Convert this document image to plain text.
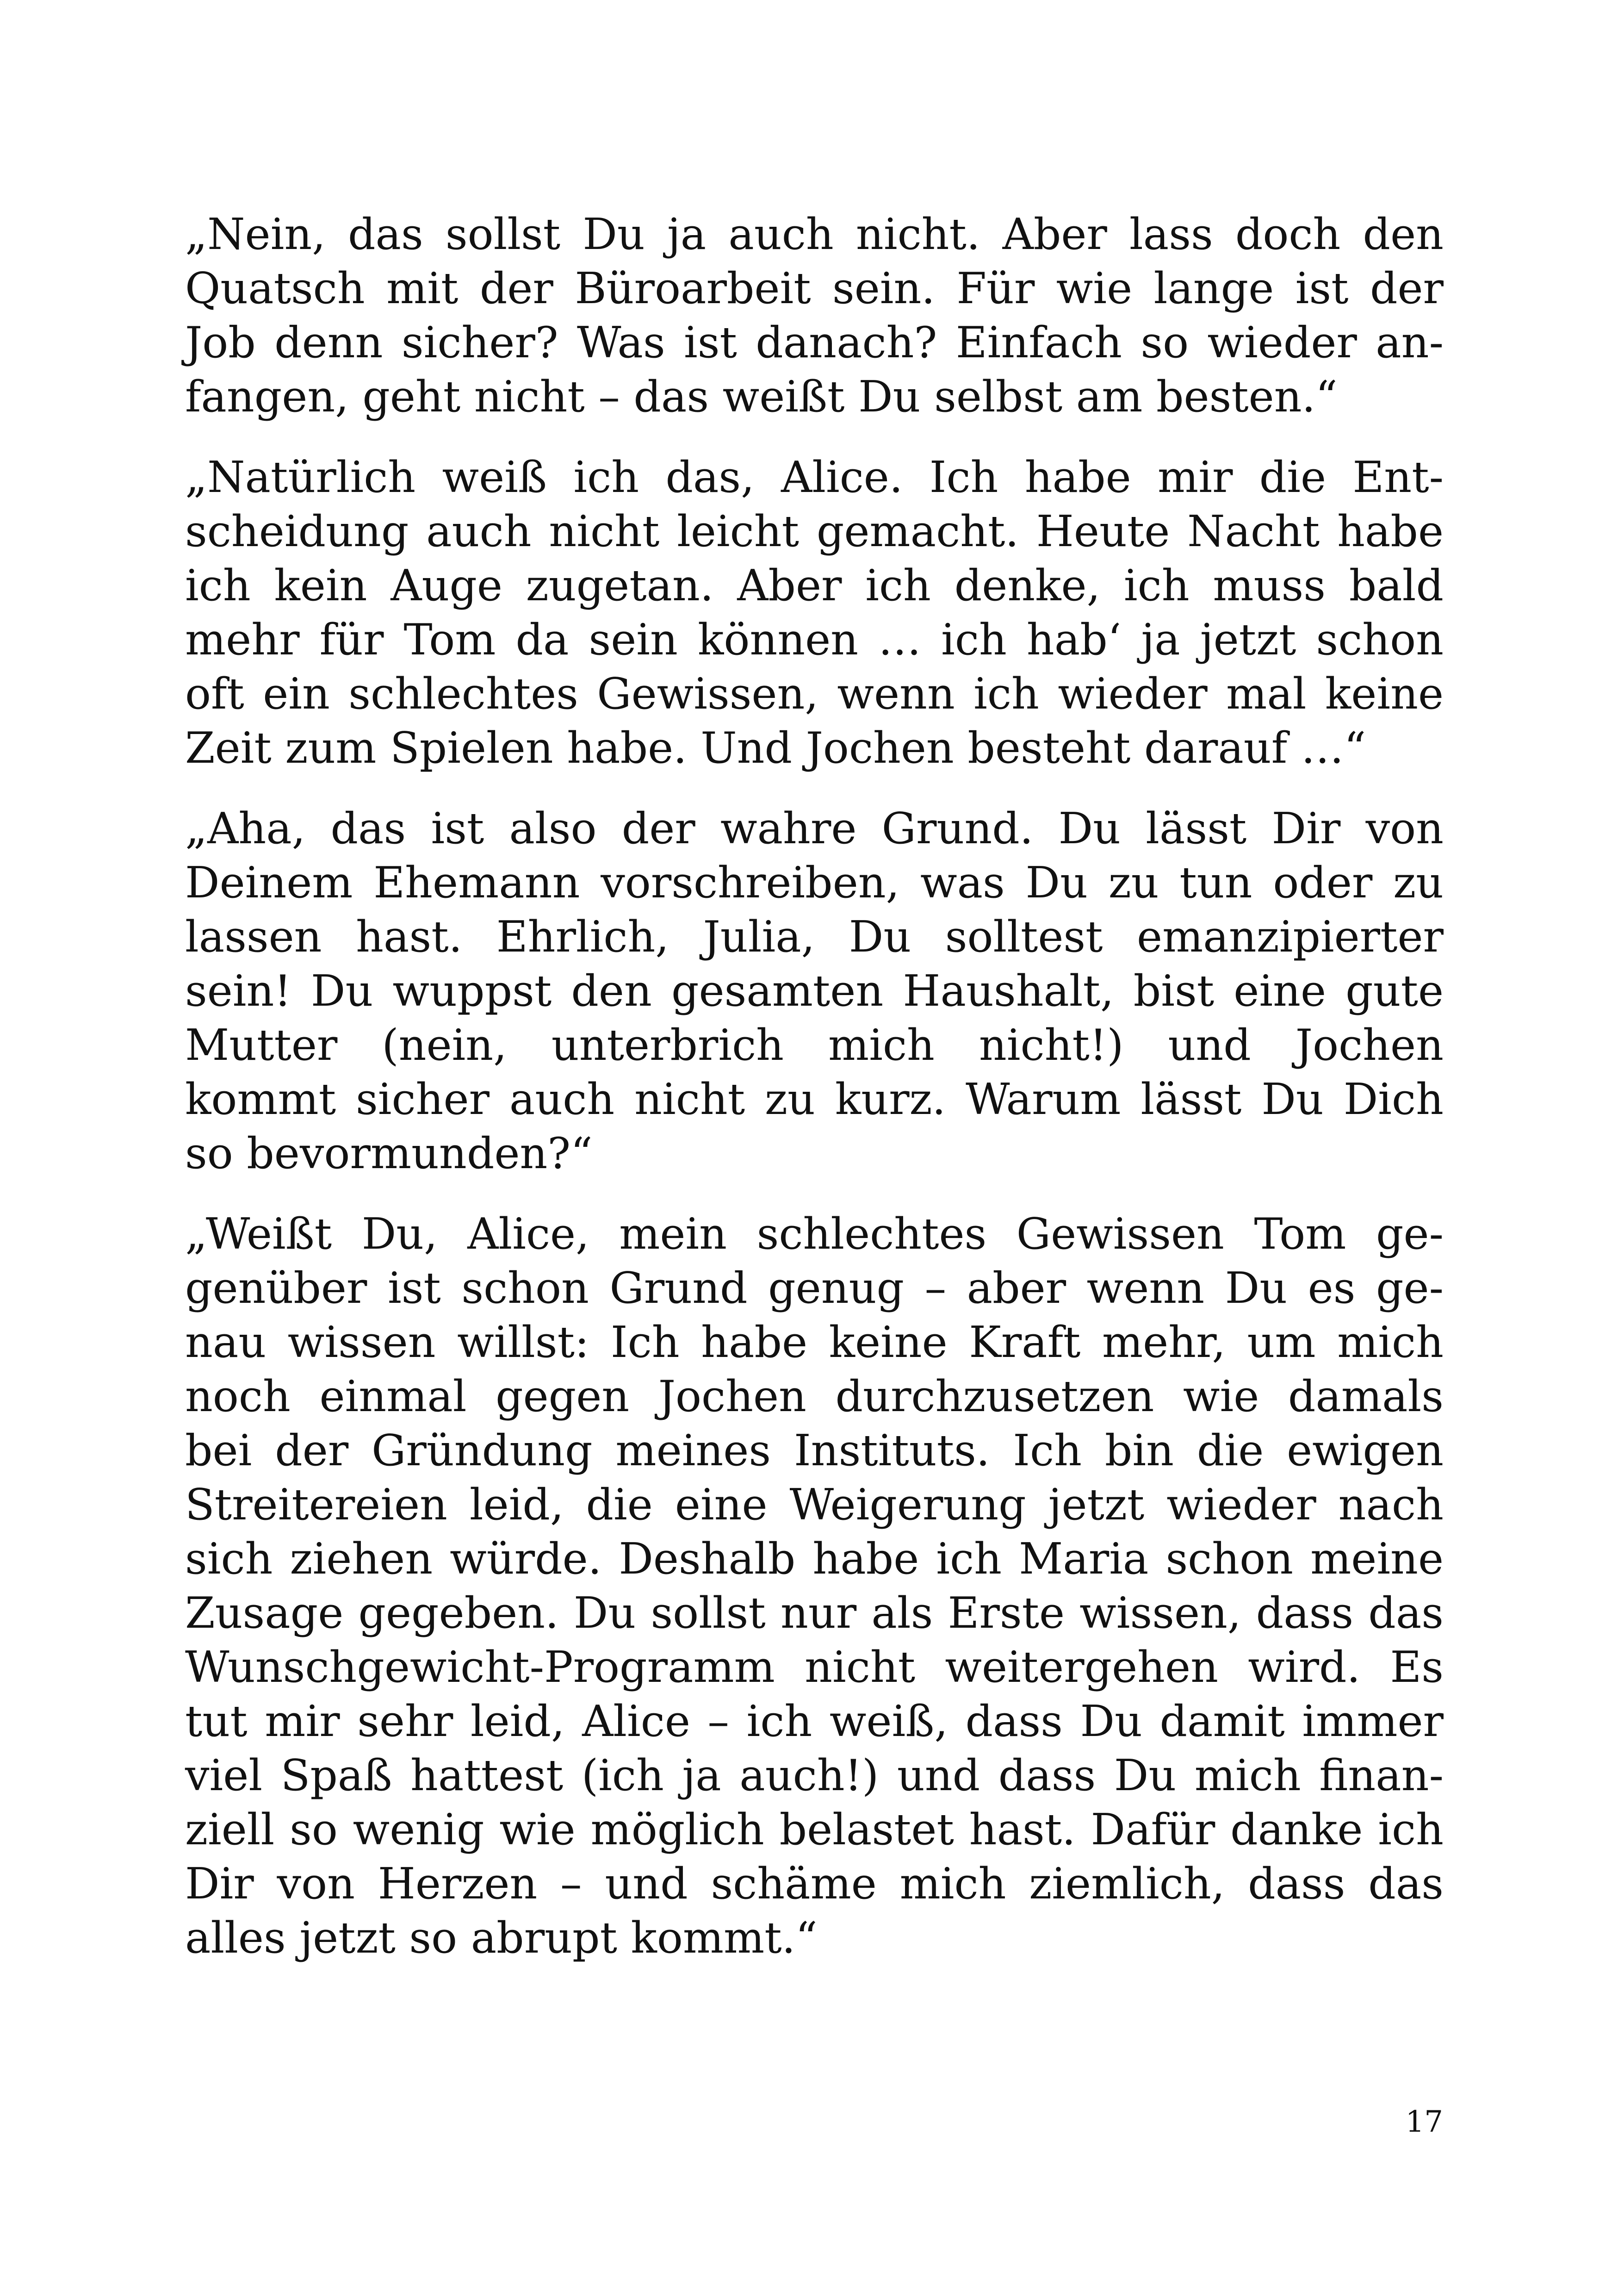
„Nein, das sollst Du ja auch nicht. Aber lass doch den
Quatsch mit der Büroarbeit sein. Für wie lange ist der
Job denn sicher? Was ist danach? Einfach so wieder an-
fangen, geht nicht – das weißt Du selbst am besten.“
„Natürlich weiß ich das, Alice. Ich habe mir die Ent-
scheidung auch nicht leicht gemacht. Heute Nacht habe
ich kein Auge zugetan. Aber ich denke, ich muss bald
mehr für Tom da sein können … ich hab‘ ja jetzt schon
oft ein schlechtes Gewissen, wenn ich wieder mal keine
Zeit zum Spielen habe. Und Jochen besteht darauf …“
„Aha, das ist also der wahre Grund. Du lässt Dir von
Deinem Ehemann vorschreiben, was Du zu tun oder zu
lassen hast. Ehrlich, Julia, Du solltest emanzipierter
sein! Du wuppst den gesamten Haushalt, bist eine gute
Mutter (nein, unterbrich mich nicht!) und Jochen
kommt sicher auch nicht zu kurz. Warum lässt Du Dich
so bevormunden?“
„Weißt Du, Alice, mein schlechtes Gewissen Tom ge-
genüber ist schon Grund genug – aber wenn Du es ge-
nau wissen willst: Ich habe keine Kraft mehr, um mich
noch einmal gegen Jochen durchzusetzen wie damals
bei der Gründung meines Instituts. Ich bin die ewigen
Streitereien leid, die eine Weigerung jetzt wieder nach
sich ziehen würde. Deshalb habe ich Maria schon meine
Zusage gegeben. Du sollst nur als Erste wissen, dass das
Wunschgewicht-Programm nicht weitergehen wird. Es
tut mir sehr leid, Alice – ich weiß, dass Du damit immer
viel Spaß hattest (ich ja auch!) und dass Du mich finan-
ziell so wenig wie möglich belastet hast. Dafür danke ich
Dir von Herzen – und schäme mich ziemlich, dass das
alles jetzt so abrupt kommt.“
17
